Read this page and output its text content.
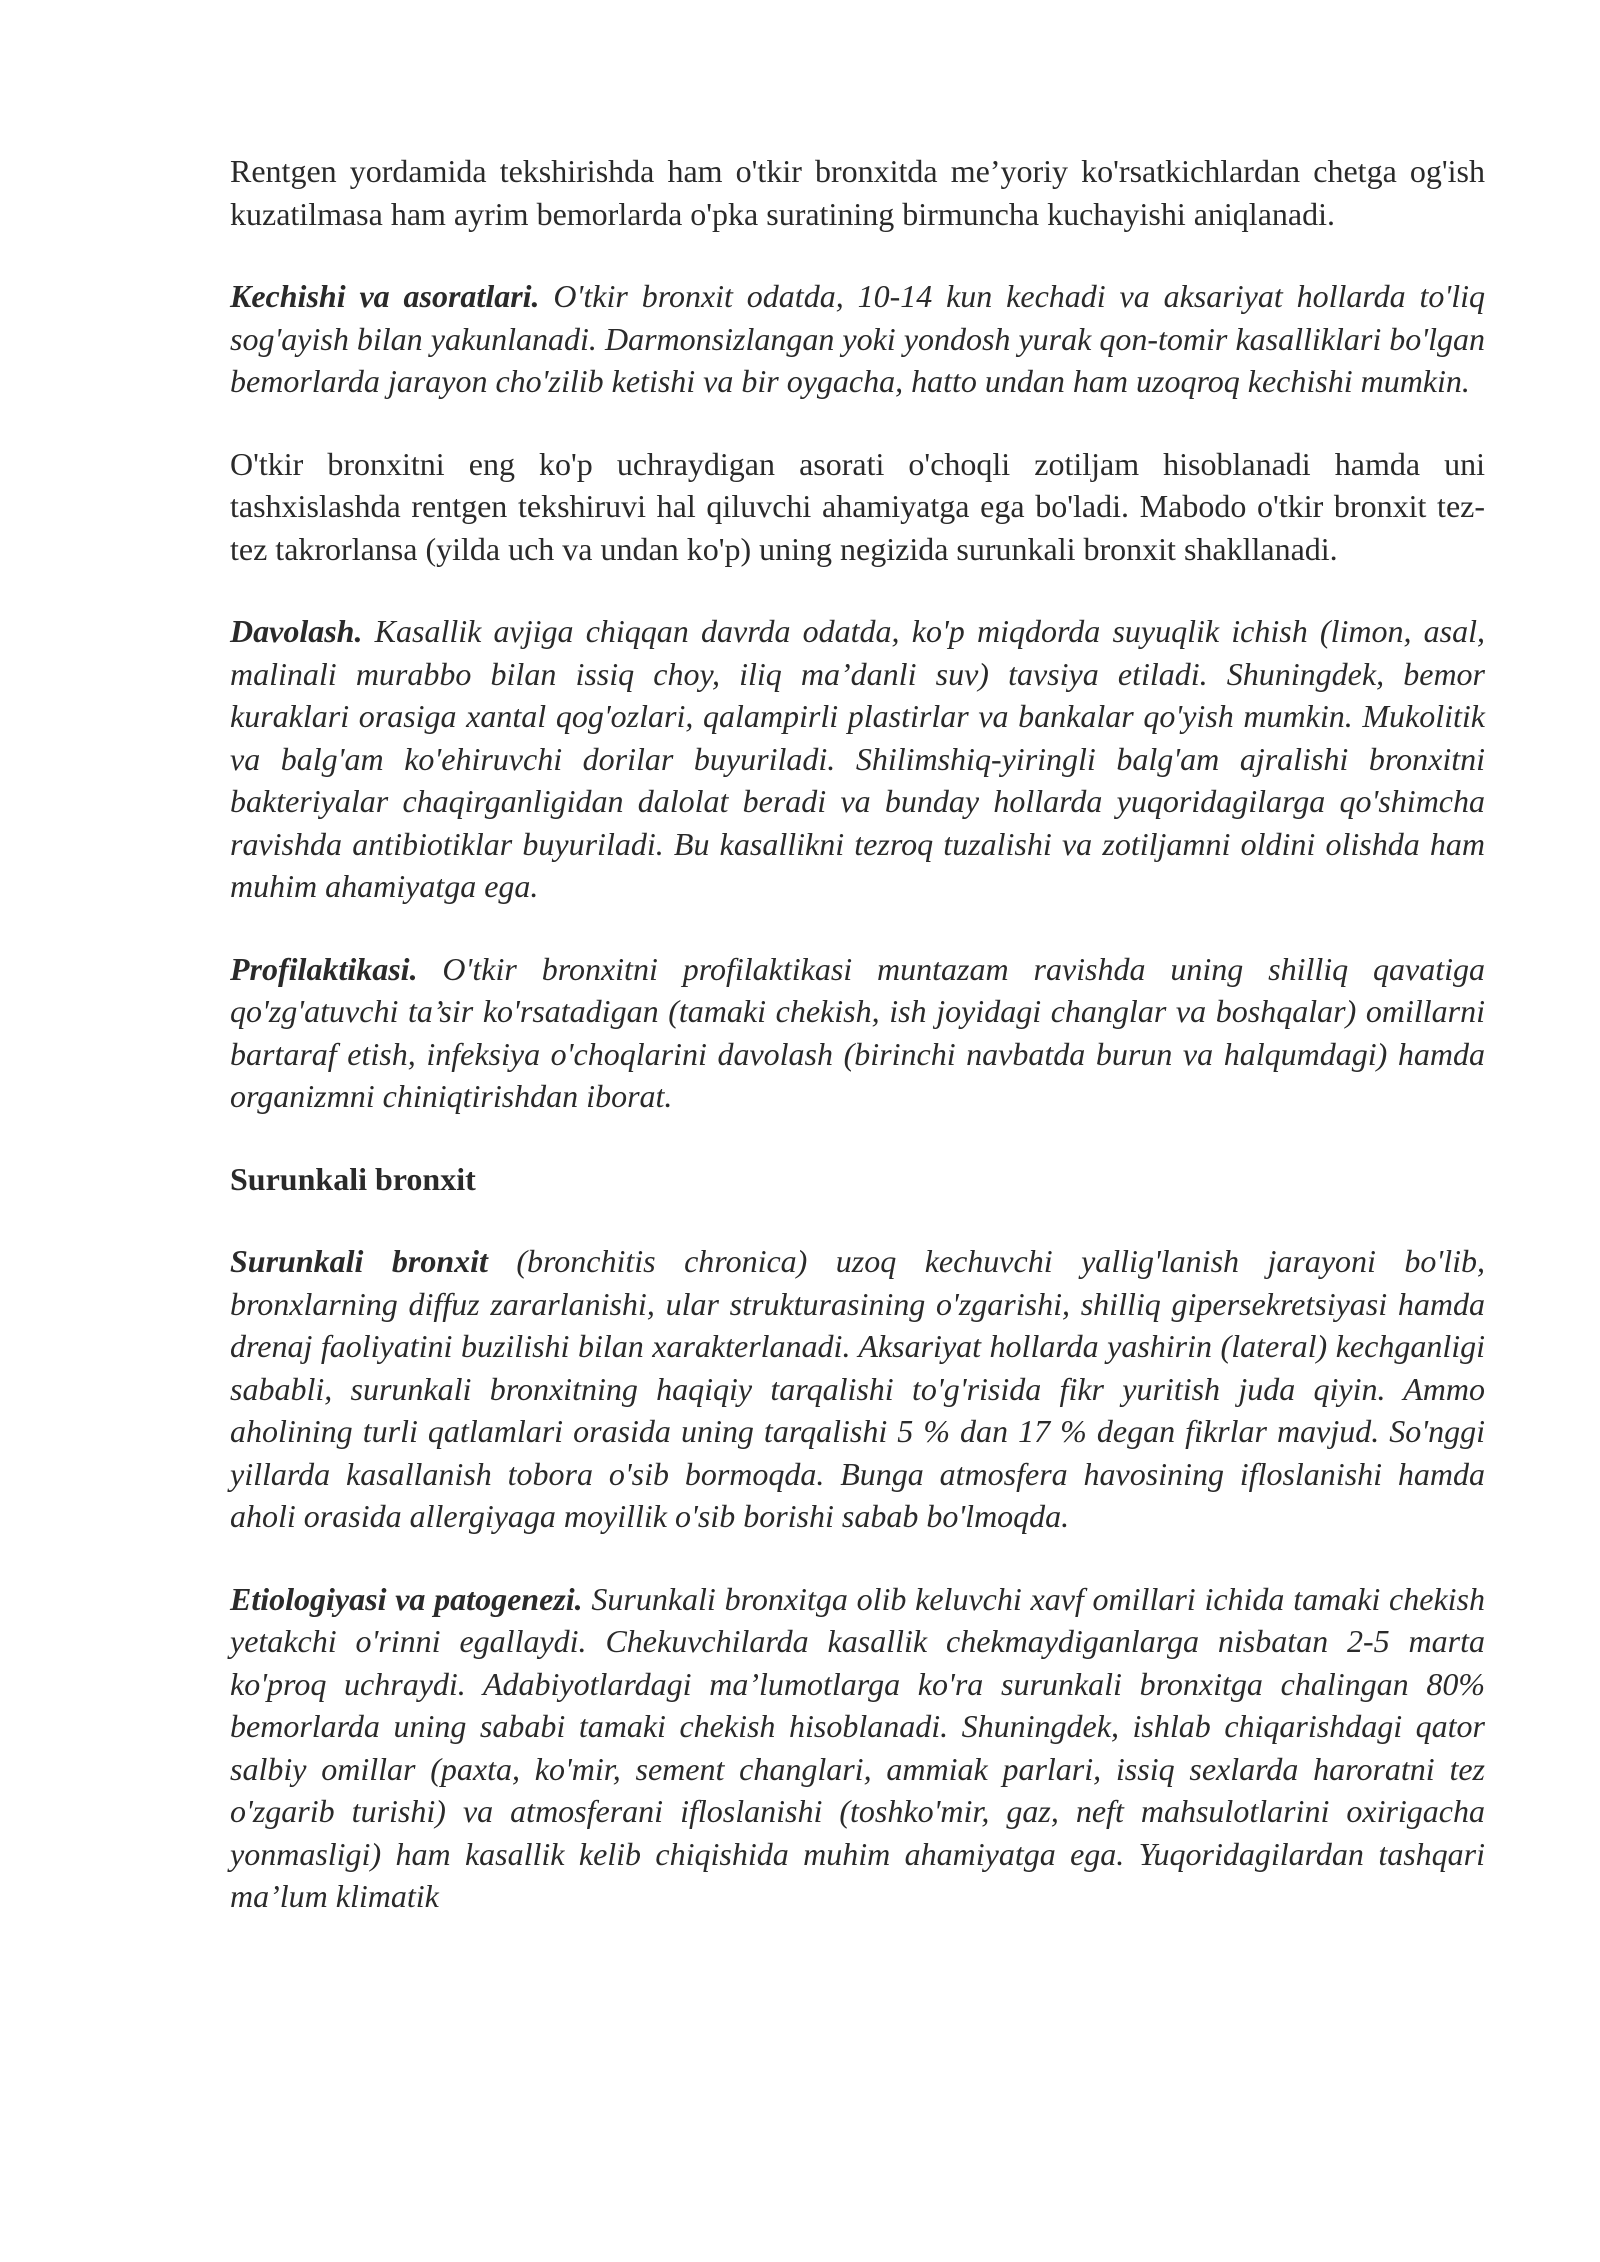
Rentgen yordamida tekshirishda ham o'tkir bronxitda me’yoriy ko'rsatkichlardan chetga og'ish kuzatilmasa ham ayrim bemorlarda o'pka suratining birmuncha kuchayishi aniqlanadi.

Kechishi va asoratlari. O'tkir bronxit odatda, 10-14 kun kechadi va aksariyat hollarda to'liq sog'ayish bilan yakunlanadi. Darmonsizlangan yoki yondosh yurak qon-tomir kasalliklari bo'lgan bemorlarda jarayon cho'zilib ketishi va bir oygacha, hatto undan ham uzoqroq kechishi mumkin.

O'tkir bronxitni eng ko'p uchraydigan asorati o'choqli zotiljam hisoblanadi hamda uni tashxislashda rentgen tekshiruvi hal qiluvchi ahamiyatga ega bo'ladi. Mabodo o'tkir bronxit tez-tez takrorlansa (yilda uch va undan ko'p) uning negizida surunkali bronxit shakllanadi.

Davolash. Kasallik avjiga chiqqan davrda odatda, ko'p miqdorda suyuqlik ichish (limon, asal, malinali murabbo bilan issiq choy, iliq ma’danli suv) tavsiya etiladi. Shuningdek, bemor kuraklari orasiga xantal qog'ozlari, qalampirli plastirlar va bankalar qo'yish mumkin. Mukolitik va balg'am ko'ehiruvchi dorilar buyuriladi. Shilimshiq-yiringli balg'am ajralishi bronxitni bakteriyalar chaqirganligidan dalolat beradi va bunday hollarda yuqoridagilarga qo'shimcha ravishda antibiotiklar buyuriladi. Bu kasallikni tezroq tuzalishi va zotiljamni oldini olishda ham muhim ahamiyatga ega.

Profilaktikasi. O'tkir bronxitni profilaktikasi muntazam ravishda uning shilliq qavatiga qo'zg'atuvchi ta’sir ko'rsatadigan (tamaki chekish, ish joyidagi changlar va boshqalar) omillarni bartaraf etish, infeksiya o'choqlarini davolash (birinchi navbatda burun va halqumdagi) hamda organizmni chiniqtirishdan iborat.

Surunkali bronxit

Surunkali bronxit (bronchitis chronica) uzoq kechuvchi yallig'lanish jarayoni bo'lib, bronxlarning diffuz zararlanishi, ular strukturasining o'zgarishi, shilliq gipersekretsiyasi hamda drenaj faoliyatini buzilishi bilan xarakterlanadi. Aksariyat hollarda yashirin (lateral) kechganligi sababli, surunkali bronxitning haqiqiy tarqalishi to'g'risida fikr yuritish juda qiyin. Ammo aholining turli qatlamlari orasida uning tarqalishi 5 % dan 17 % degan fikrlar mavjud. So'nggi yillarda kasallanish tobora o'sib bormoqda. Bunga atmosfera havosining ifloslanishi hamda aholi orasida allergiyaga moyillik o'sib borishi sabab bo'lmoqda.

Etiologiyasi va patogenezi. Surunkali bronxitga olib keluvchi xavf omillari ichida tamaki chekish yetakchi o'rinni egallaydi. Chekuvchilarda kasallik chekmaydiganlarga nisbatan 2-5 marta ko'proq uchraydi. Adabiyotlardagi ma’lumotlarga ko'ra surunkali bronxitga chalingan 80% bemorlarda uning sababi tamaki chekish hisoblanadi. Shuningdek, ishlab chiqarishdagi qator salbiy omillar (paxta, ko'mir, sement changlari, ammiak parlari, issiq sexlarda haroratni tez o'zgarib turishi) va atmosferani ifloslanishi (toshko'mir, gaz, neft mahsulotlarini oxirigacha yonmasligi) ham kasallik kelib chiqishida muhim ahamiyatga ega. Yuqoridagilardan tashqari ma’lum klimatik
